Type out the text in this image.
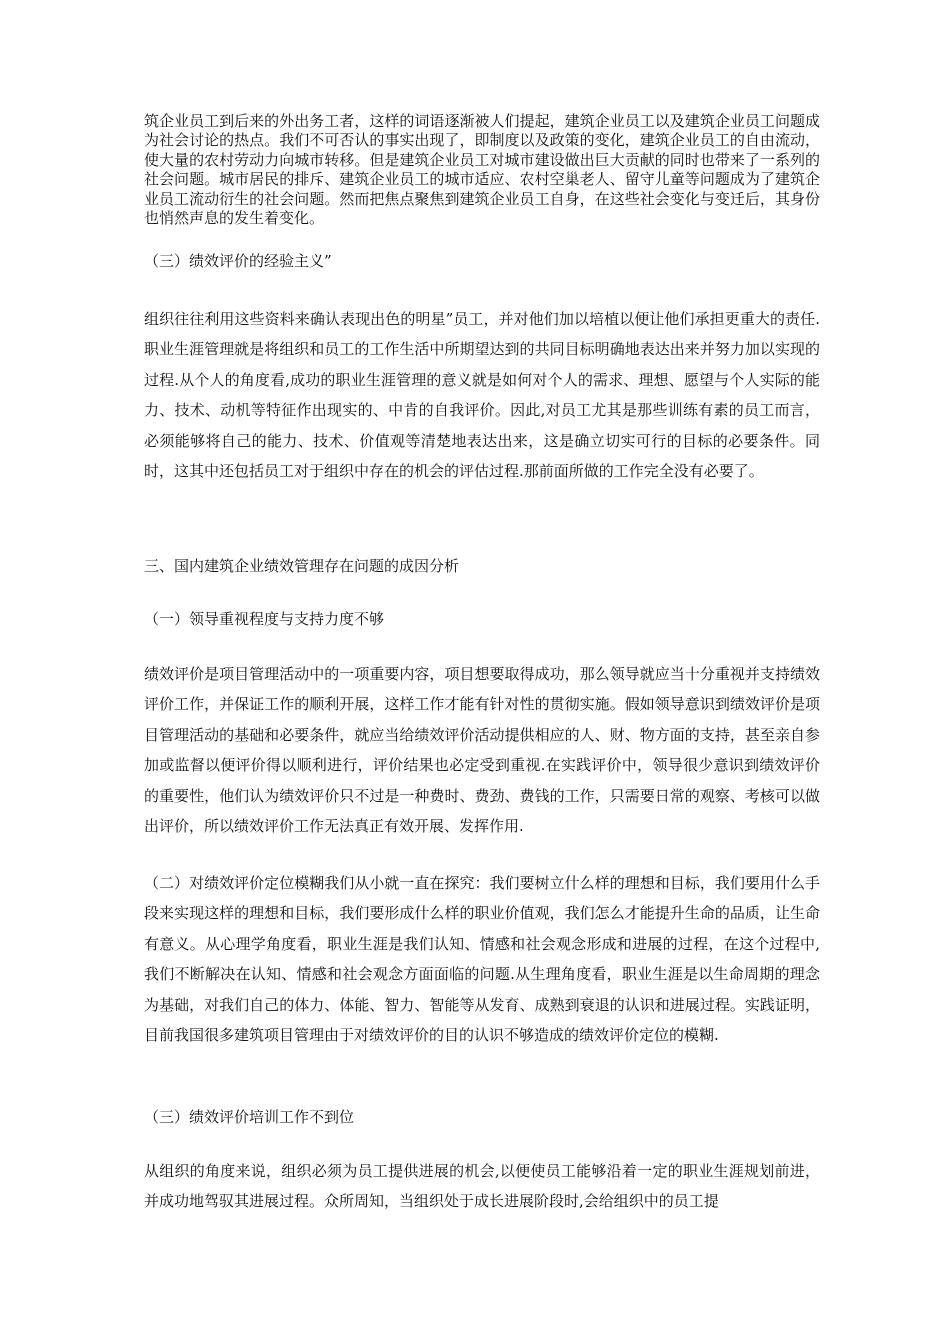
筑企业员工到后来的外出务工者，这样的词语逐渐被人们提起，建筑企业员工以及建筑企业员工问题成为社会讨论的热点。我们不可否认的事实出现了，即制度以及政策的变化，建筑企业员工的自由流动，使大量的农村劳动力向城市转移。但是建筑企业员工对城市建设做出巨大贡献的同时也带来了一系列的社会问题。城市居民的排斥、建筑企业员工的城市适应、农村空巢老人、留守儿童等问题成为了建筑企业员工流动衍生的社会问题。然而把焦点聚焦到建筑企业员工自身，在这些社会变化与变迁后，其身份也悄然声息的发生着变化。

（三）绩效评价的经验主义”

组织往往利用这些资料来确认表现出色的明星”员工，并对他们加以培植以便让他们承担更重大的责任.职业生涯管理就是将组织和员工的工作生活中所期望达到的共同目标明确地表达出来并努力加以实现的过程.从个人的角度看,成功的职业生涯管理的意义就是如何对个人的需求、理想、愿望与个人实际的能力、技术、动机等特征作出现实的、中肯的自我评价。因此,对员工尤其是那些训练有素的员工而言，必须能够将自己的能力、技术、价值观等清楚地表达出来，这是确立切实可行的目标的必要条件。同时，这其中还包括员工对于组织中存在的机会的评估过程.那前面所做的工作完全没有必要了。

三、国内建筑企业绩效管理存在问题的成因分析

（一）领导重视程度与支持力度不够

绩效评价是项目管理活动中的一项重要内容，项目想要取得成功，那么领导就应当十分重视并支持绩效评价工作，并保证工作的顺利开展，这样工作才能有针对性的贯彻实施。假如领导意识到绩效评价是项目管理活动的基础和必要条件，就应当给绩效评价活动提供相应的人、财、物方面的支持，甚至亲自参加或监督以便评价得以顺利进行，评价结果也必定受到重视.在实践评价中，领导很少意识到绩效评价的重要性，他们认为绩效评价只不过是一种费时、费劲、费钱的工作，只需要日常的观察、考核可以做出评价，所以绩效评价工作无法真正有效开展、发挥作用.

（二）对绩效评价定位模糊我们从小就一直在探究：我们要树立什么样的理想和目标，我们要用什么手段来实现这样的理想和目标，我们要形成什么样的职业价值观，我们怎么才能提升生命的品质，让生命有意义。从心理学角度看，职业生涯是我们认知、情感和社会观念形成和进展的过程，在这个过程中,我们不断解决在认知、情感和社会观念方面面临的问题.从生理角度看，职业生涯是以生命周期的理念为基础，对我们自己的体力、体能、智力、智能等从发育、成熟到衰退的认识和进展过程。实践证明，目前我国很多建筑项目管理由于对绩效评价的目的认识不够造成的绩效评价定位的模糊.

（三）绩效评价培训工作不到位

从组织的角度来说，组织必须为员工提供进展的机会,以便使员工能够沿着一定的职业生涯规划前进，并成功地驾驭其进展过程。众所周知，当组织处于成长进展阶段时,会给组织中的员工提
